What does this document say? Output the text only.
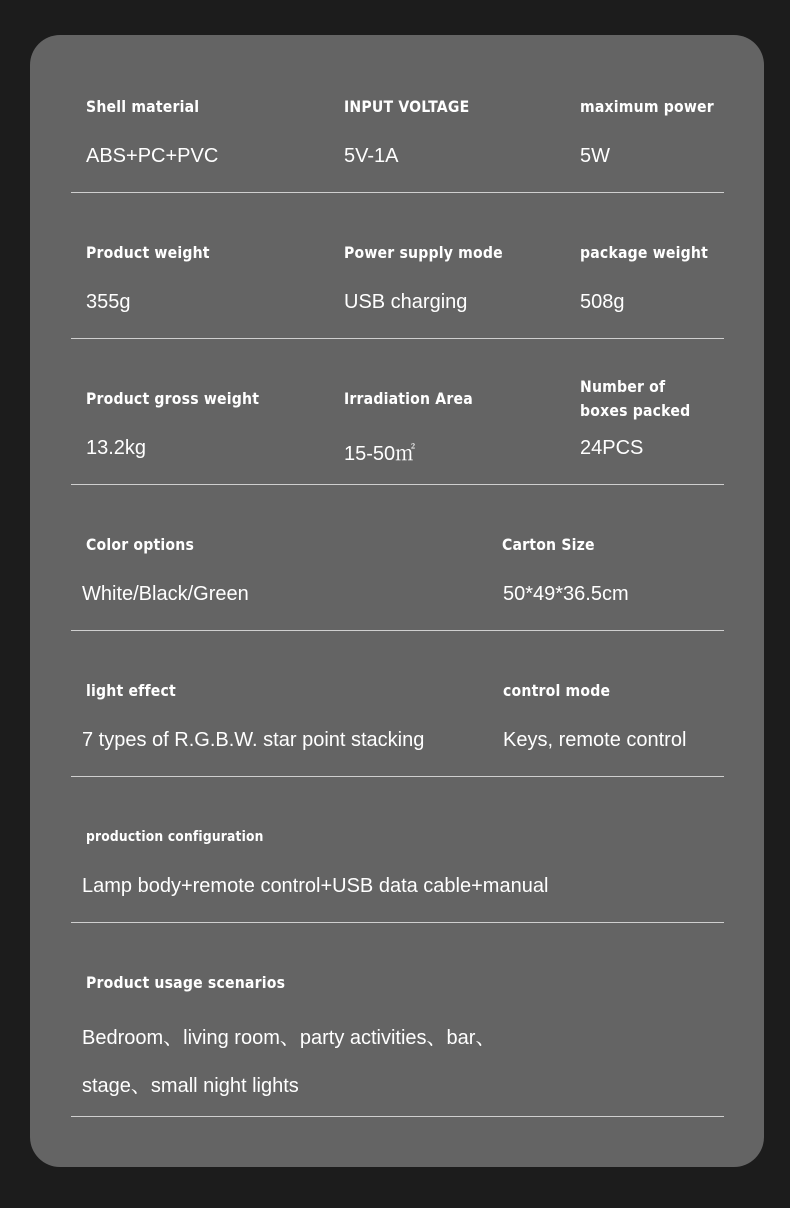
Shell material
ABS+PC+PVC
INPUT VOLTAGE
5V-1A
maximum power
5W
Product weight
355g
Power supply mode
USB charging
package weight
508g
Product gross weight
13.2kg
Irradiation Area
15-50㎡
Number of
boxes packed
24PCS
Color options
White/Black/Green
Carton Size
50*49*36.5cm
light effect
7 types of R.G.B.W. star point stacking
control mode
Keys, remote control
production configuration
Lamp body+remote control+USB data cable+manual
Product usage scenarios
Bedroom、living room、party activities、bar、
stage、small night lights
